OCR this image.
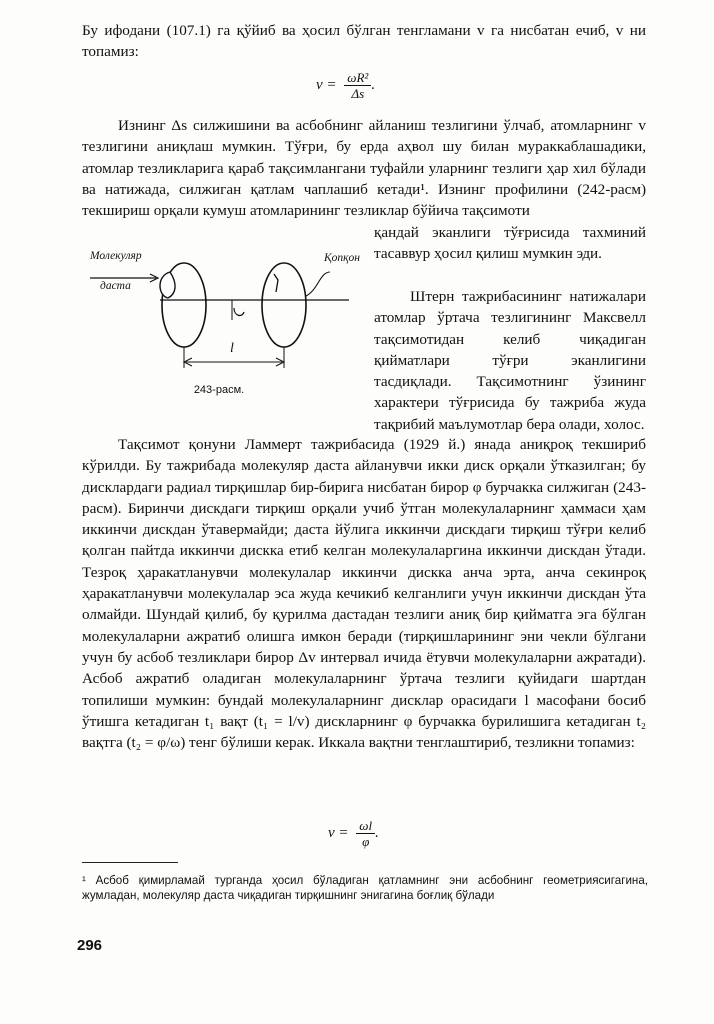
Бу ифодани (107.1) га қўйиб ва ҳосил бўлган тенгламани v га нисбатан ечиб, v ни топамиз:
$v = \frac{\text{ωR²}}{\Delta s}$ .
Изнинг Δs силжишини ва асбобнинг айланиш тезлигини ўлчаб, атомларнинг v тезлигини аниқлаш мумкин. Тўғри, бу ерда аҳвол шу билан мураккаблашадики, атомлар тезликларига қараб тақсимлангани туфайли уларнинг тезлиги ҳар хил бўлади ва натижада, силжиган қатлам чаплашиб кетади¹. Изнинг профилини (242-расм) текшириш орқали кумуш атомларининг тезликлар бўйича тақсимоти
қандай эканлиги тўғрисида тахминий тасаввур ҳосил қилиш мумкин эди.
Штерн тажрибасининг натижалари атомлар ўртача тезлигининг Максвелл тақсимотидан келиб чиқадиган қийматлари тўғри эканлигини тасдиқлади. Тақсимотнинг ўзининг характери тўғрисида бу тажриба жуда тақрибий маълумотлар бера олади, холос.
Молекуляр
даста
Қопқон
l
243-расм.
Тақсимот қонуни Ламмерт тажрибасида (1929 й.) янада аниқроқ текшириб кўрилди. Бу тажрибада молекуляр даста айланувчи икки диск орқали ўтказилган; бу дисклардаги радиал тирқишлар бир-бирига нисбатан бирор φ бурчакка силжиган (243-расм). Биринчи дискдаги тирқиш орқали учиб ўтган молекулаларнинг ҳаммаси ҳам иккинчи дискдан ўтавермайди; даста йўлига иккинчи дискдаги тирқиш тўғри келиб қолган пайтда иккинчи дискка етиб келган молекулаларгина иккинчи дискдан ўтади. Тезроқ ҳаракатланувчи молекулалар иккинчи дискка анча эрта, анча секинроқ ҳаракатланувчи молекулалар эса жуда кечикиб келганлиги учун иккинчи дискдан ўта олмайди. Шундай қилиб, бу қурилма дастадан тезлиги аниқ бир қийматга эга бўлган молекулаларни ажратиб олишга имкон беради (тирқишларининг эни чекли бўлгани учун бу асбоб тезликлари бирор Δv интервал ичида ётувчи молекулаларни ажратади). Асбоб ажратиб оладиган молекулаларнинг ўртача тезлиги қуйидаги шартдан топилиши мумкин: бундай молекулаларнинг дисклар орасидаги l масофани босиб ўтишга кетадиган t₁ вақт (t₁ = l/v) дискларнинг φ бурчакка бурилишига кетадиган t₂ вақтга (t₂ = φ/ω) тенг бўлиши керак. Иккала вақтни тенглаштириб, тезликни топамиз:
$v = \frac{\omega l}{\varphi}$ .
¹ Асбоб қимирламай турганда ҳосил бўладиган қатламнинг эни асбобнинг геометриясигагина, жумладан, молекуляр даста чиқадиган тирқишнинг энигагина боғлиқ бўлади
296
